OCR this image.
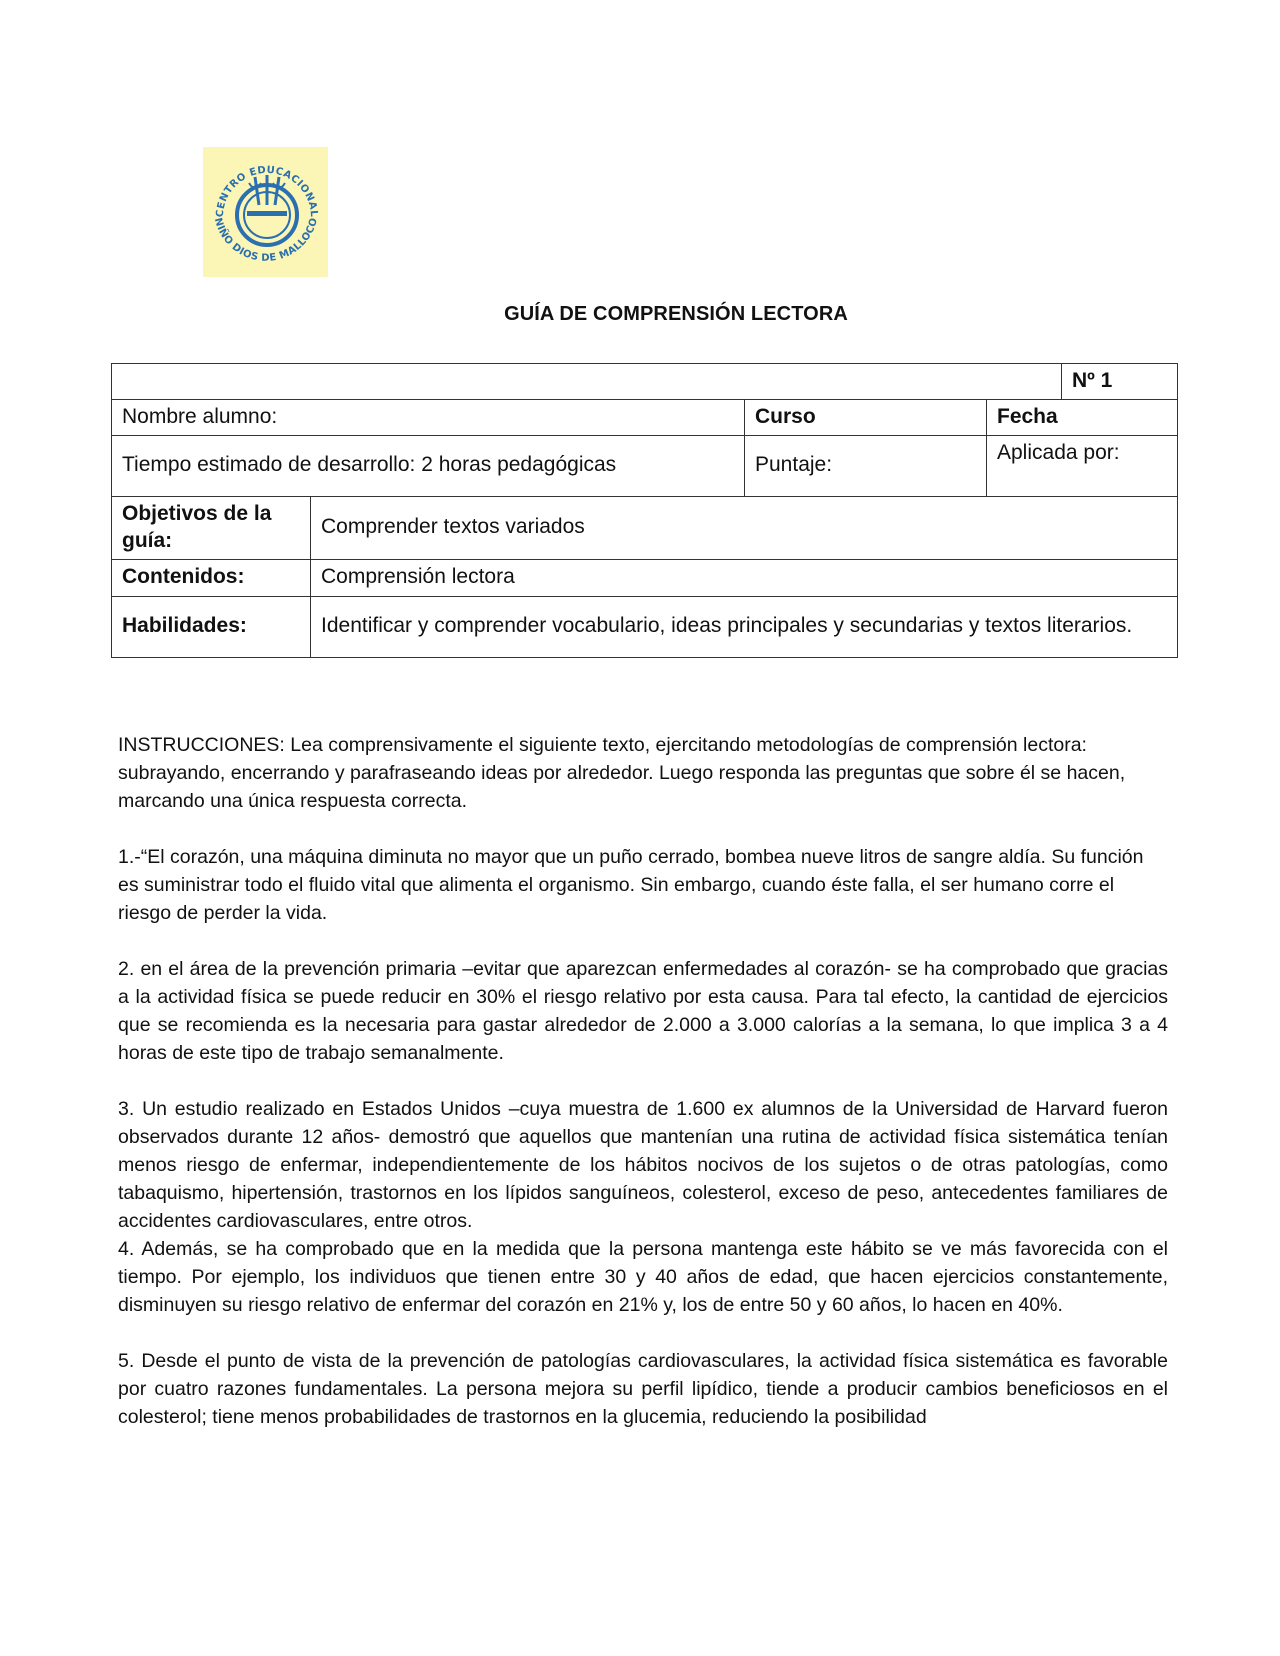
CENTRO EDUCACIONAL
NIÑO DIOS DE MALLOCO
GUÍA DE COMPRENSIÓN LECTORA
				Nº 1
Nombre alumno:		Curso	Fecha	
Tiempo estimado de desarrollo: 2 horas pedagógicas		Puntaje:	Aplicada por:	
Objetivos de la guía:	Comprender textos variados			
Contenidos:	Comprensión lectora			
Habilidades:	Identificar y comprender vocabulario, ideas principales y secundarias y textos literarios.			

INSTRUCCIONES: Lea comprensivamente el siguiente texto, ejercitando metodologías de comprensión lectora: subrayando, encerrando y parafraseando ideas por alrededor. Luego responda las preguntas que sobre él se hacen, marcando una única respuesta correcta.

1.-“El corazón, una máquina diminuta no mayor que un puño cerrado, bombea nueve litros de sangre aldía. Su función es suministrar todo el fluido vital que alimenta el organismo. Sin embargo, cuando éste falla, el ser humano corre el riesgo de perder la vida.

2. en el área de la prevención primaria –evitar que aparezcan enfermedades al corazón- se ha comprobado que gracias a la actividad física se puede reducir en 30% el riesgo relativo por esta causa. Para tal efecto, la cantidad de ejercicios que se recomienda es la necesaria para gastar alrededor de 2.000 a 3.000 calorías a la semana, lo que implica 3 a 4 horas de este tipo de trabajo semanalmente.

3. Un estudio realizado en Estados Unidos –cuya muestra de 1.600 ex alumnos de la Universidad de Harvard fueron observados durante 12 años- demostró que aquellos que mantenían una rutina de actividad física sistemática tenían menos riesgo de enfermar, independientemente de los hábitos nocivos de los sujetos o de otras patologías, como tabaquismo, hipertensión, trastornos en los lípidos sanguíneos, colesterol, exceso de peso, antecedentes familiares de accidentes cardiovasculares, entre otros.

4. Además, se ha comprobado que en la medida que la persona mantenga este hábito se ve más favorecida con el tiempo. Por ejemplo, los individuos que tienen entre 30 y 40 años de edad, que hacen ejercicios constantemente, disminuyen su riesgo relativo de enfermar del corazón en 21% y, los de entre 50 y 60 años, lo hacen en 40%.

5. Desde el punto de vista de la prevención de patologías cardiovasculares, la actividad física sistemática es favorable por cuatro razones fundamentales. La persona mejora su perfil lipídico, tiende a producir cambios beneficiosos en el colesterol; tiene menos probabilidades de trastornos en la glucemia, reduciendo la posibilidad
